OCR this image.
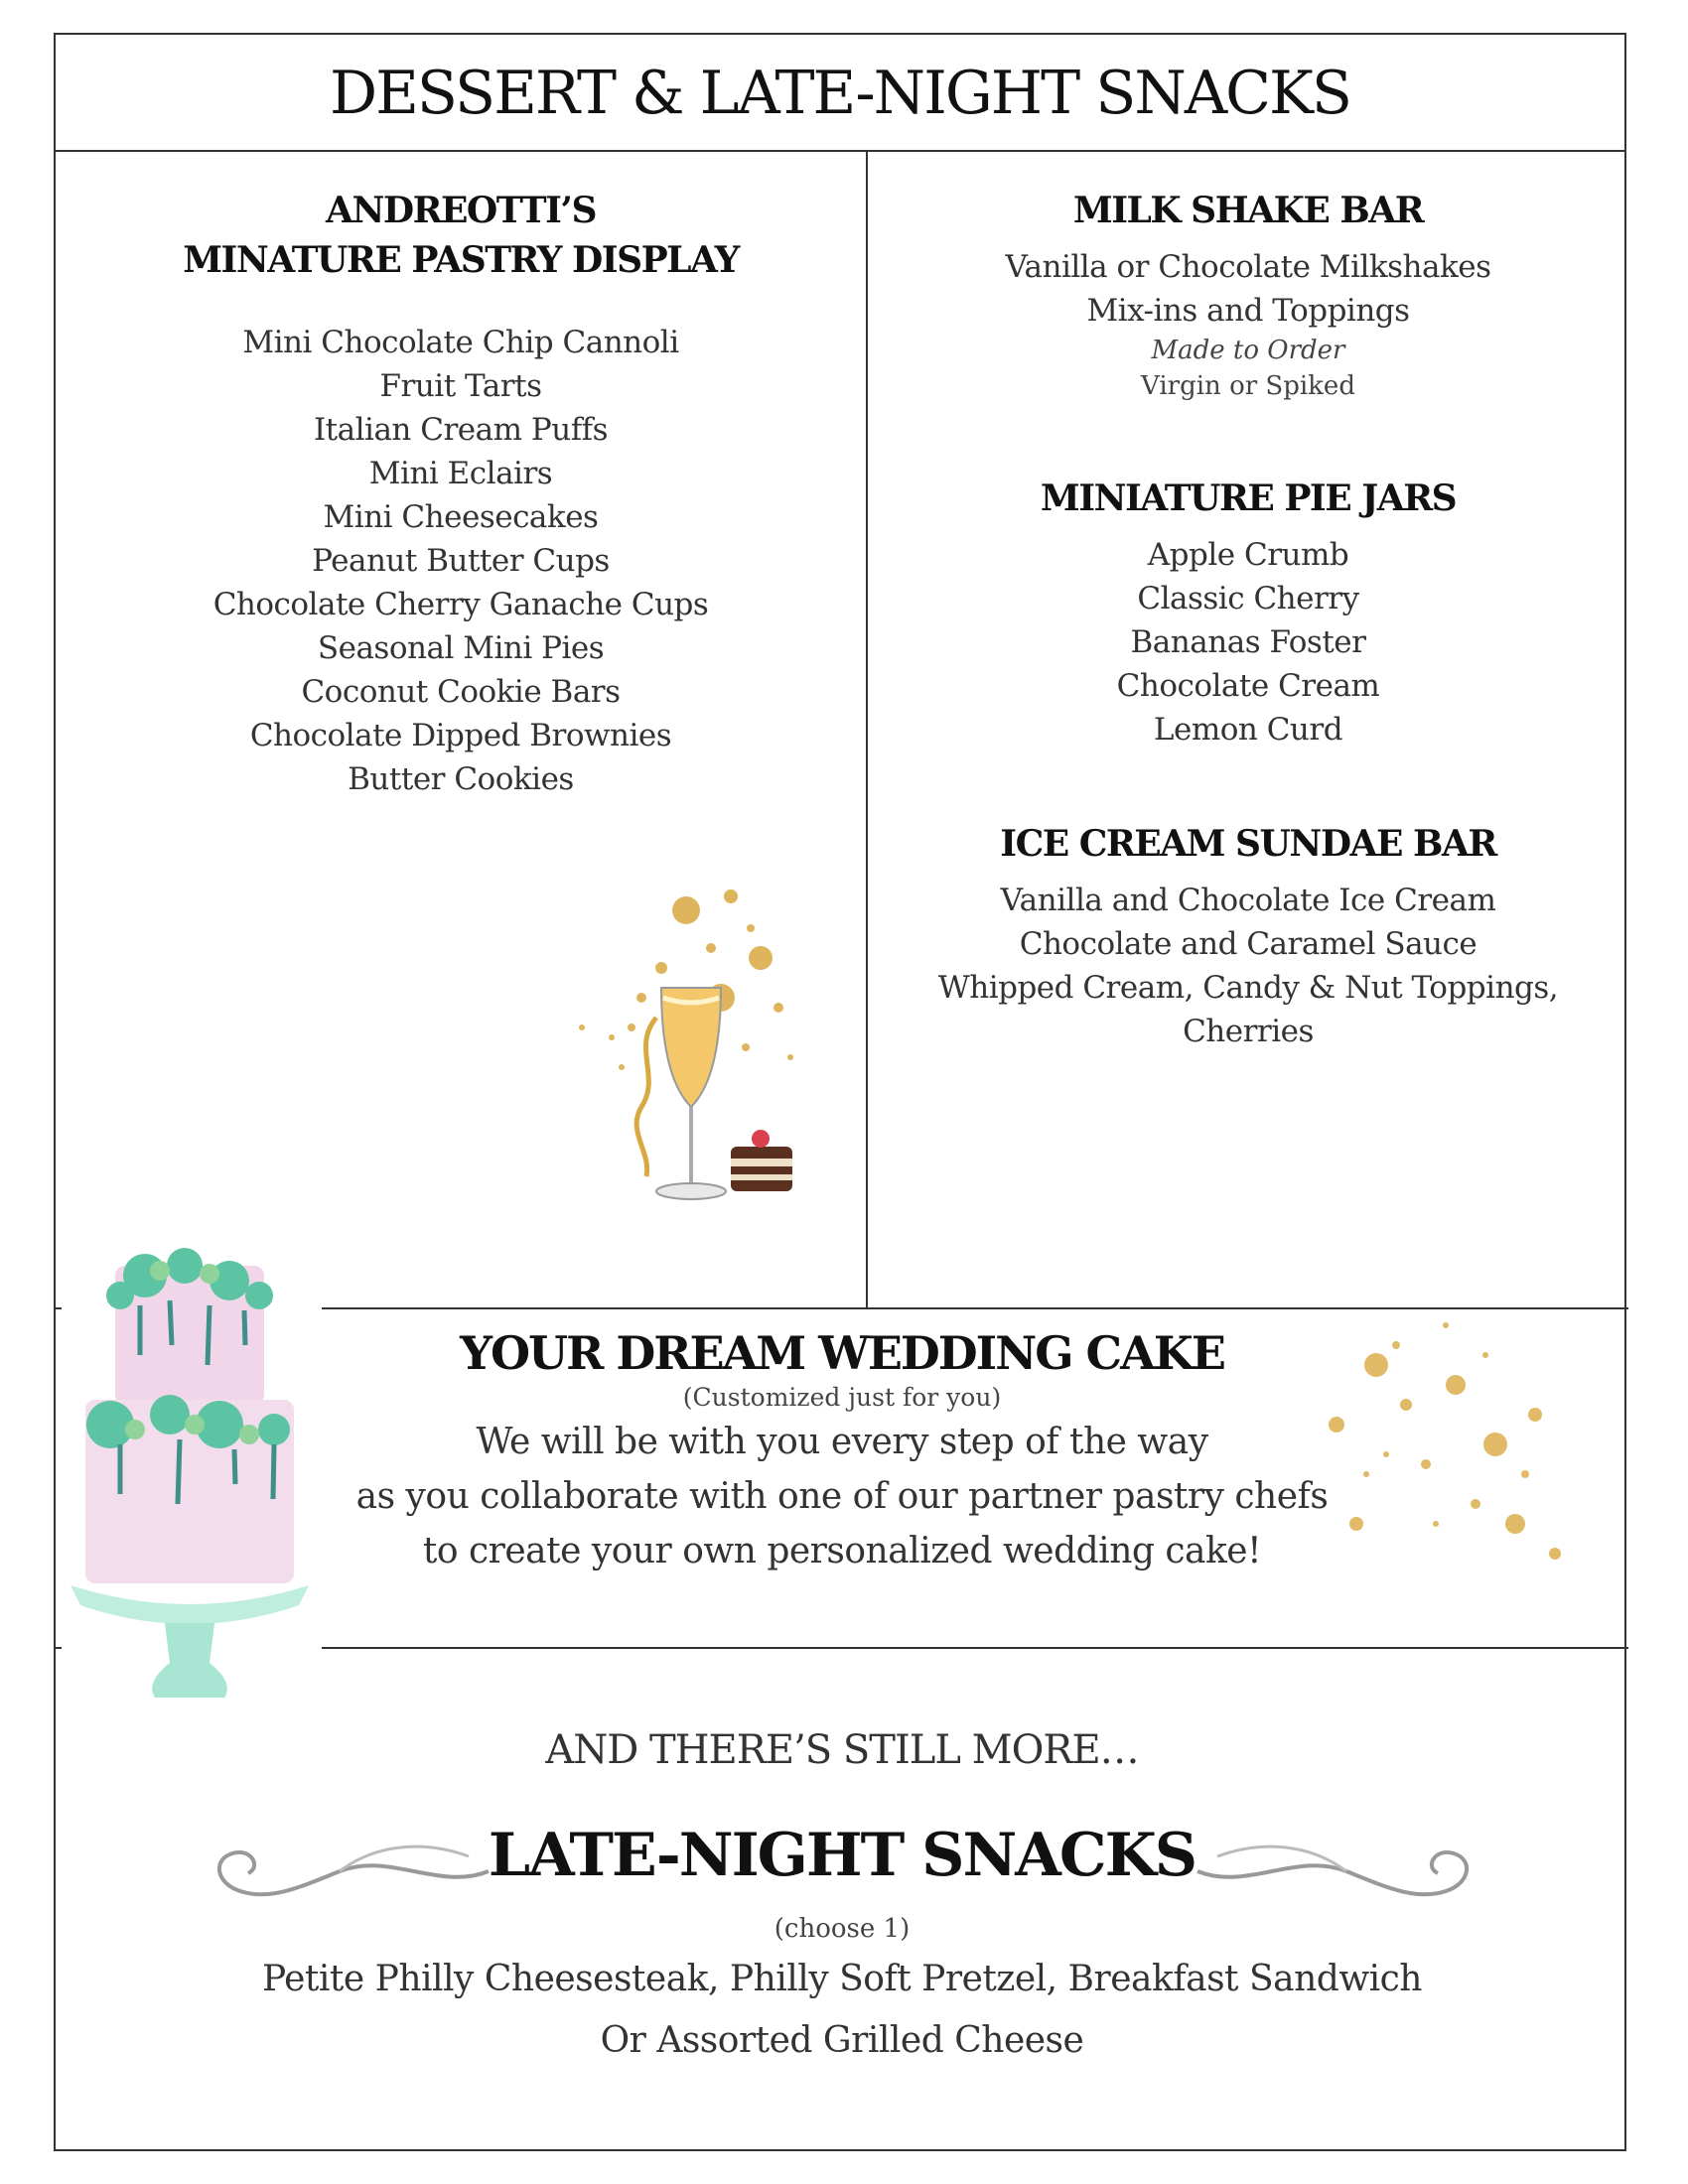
DESSERT & LATE-NIGHT SNACKS
ANDREOTTI’S
MINATURE PASTRY DISPLAY
Mini Chocolate Chip Cannoli
Fruit Tarts
Italian Cream Puffs
Mini Eclairs
Mini Cheesecakes
Peanut Butter Cups
Chocolate Cherry Ganache Cups
Seasonal Mini Pies
Coconut Cookie Bars
Chocolate Dipped Brownies
Butter Cookies
MILK SHAKE BAR
Vanilla or Chocolate Milkshakes
Mix-ins and Toppings
Made to Order
Virgin or Spiked
MINIATURE PIE JARS
Apple Crumb
Classic Cherry
Bananas Foster
Chocolate Cream
Lemon Curd
ICE CREAM SUNDAE BAR
Vanilla and Chocolate Ice Cream
Chocolate and Caramel Sauce
Whipped Cream, Candy & Nut Toppings,
Cherries
YOUR DREAM WEDDING CAKE
(Customized just for you)
We will be with you every step of the way
as you collaborate with one of our partner pastry chefs
to create your own personalized wedding cake!
AND THERE’S STILL MORE…
LATE-NIGHT SNACKS
(choose 1)
Petite Philly Cheesesteak, Philly Soft Pretzel, Breakfast Sandwich
Or Assorted Grilled Cheese
